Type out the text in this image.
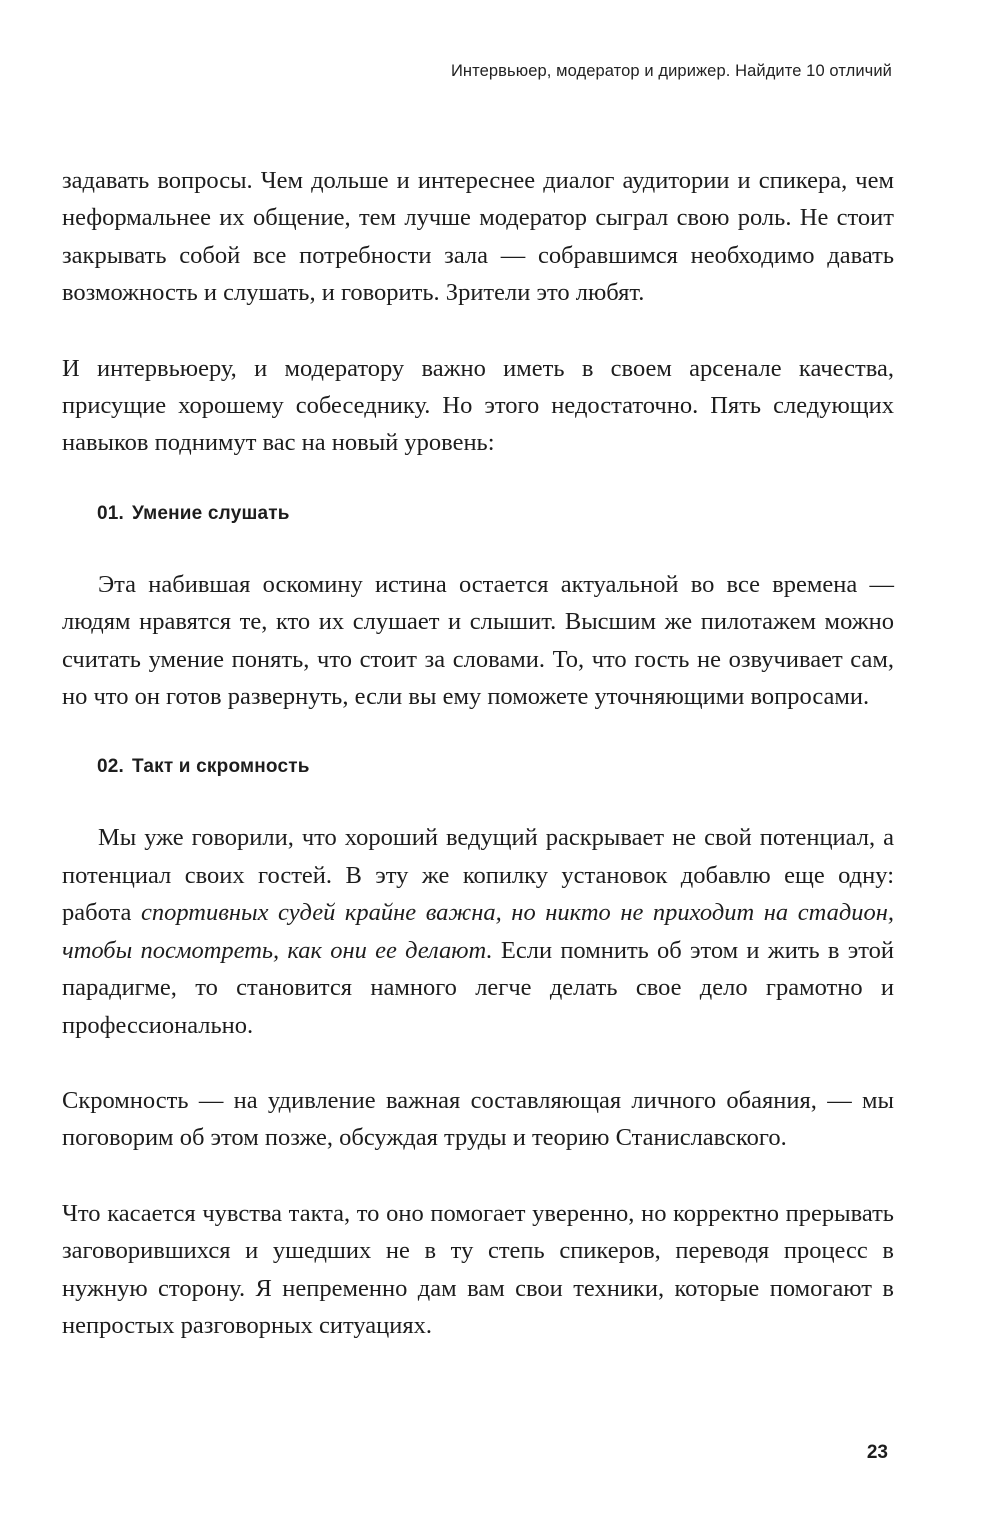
Интервьюер, модератор и дирижер. Найдите 10 отличий

задавать вопросы. Чем дольше и интереснее диалог аудитории и спикера, чем неформальнее их общение, тем лучше модератор сыграл свою роль. Не стоит закрывать собой все потребности зала — собравшимся необходимо давать возможность и слушать, и говорить. Зрители это любят.

И интервьюеру, и модератору важно иметь в своем арсенале качества, присущие хорошему собеседнику. Но этого недостаточно. Пять следующих навыков поднимут вас на новый уровень:

01. Умение слушать

Эта набившая оскомину истина остается актуальной во все времена — людям нравятся те, кто их слушает и слышит. Высшим же пилотажем можно считать умение понять, что стоит за словами. То, что гость не озвучивает сам, но что он готов развернуть, если вы ему поможете уточняющими вопросами.

02. Такт и скромность

Мы уже говорили, что хороший ведущий раскрывает не свой потенциал, а потенциал своих гостей. В эту же копилку установок добавлю еще одну: работа спортивных судей крайне важна, но никто не приходит на стадион, чтобы посмотреть, как они ее делают. Если помнить об этом и жить в этой парадигме, то становится намного легче делать свое дело грамотно и профессионально.

Скромность — на удивление важная составляющая личного обаяния, — мы поговорим об этом позже, обсуждая труды и теорию Станиславского.

Что касается чувства такта, то оно помогает уверенно, но корректно прерывать заговорившихся и ушедших не в ту степь спикеров, переводя процесс в нужную сторону. Я непременно дам вам свои техники, которые помогают в непростых разговорных ситуациях.

23
